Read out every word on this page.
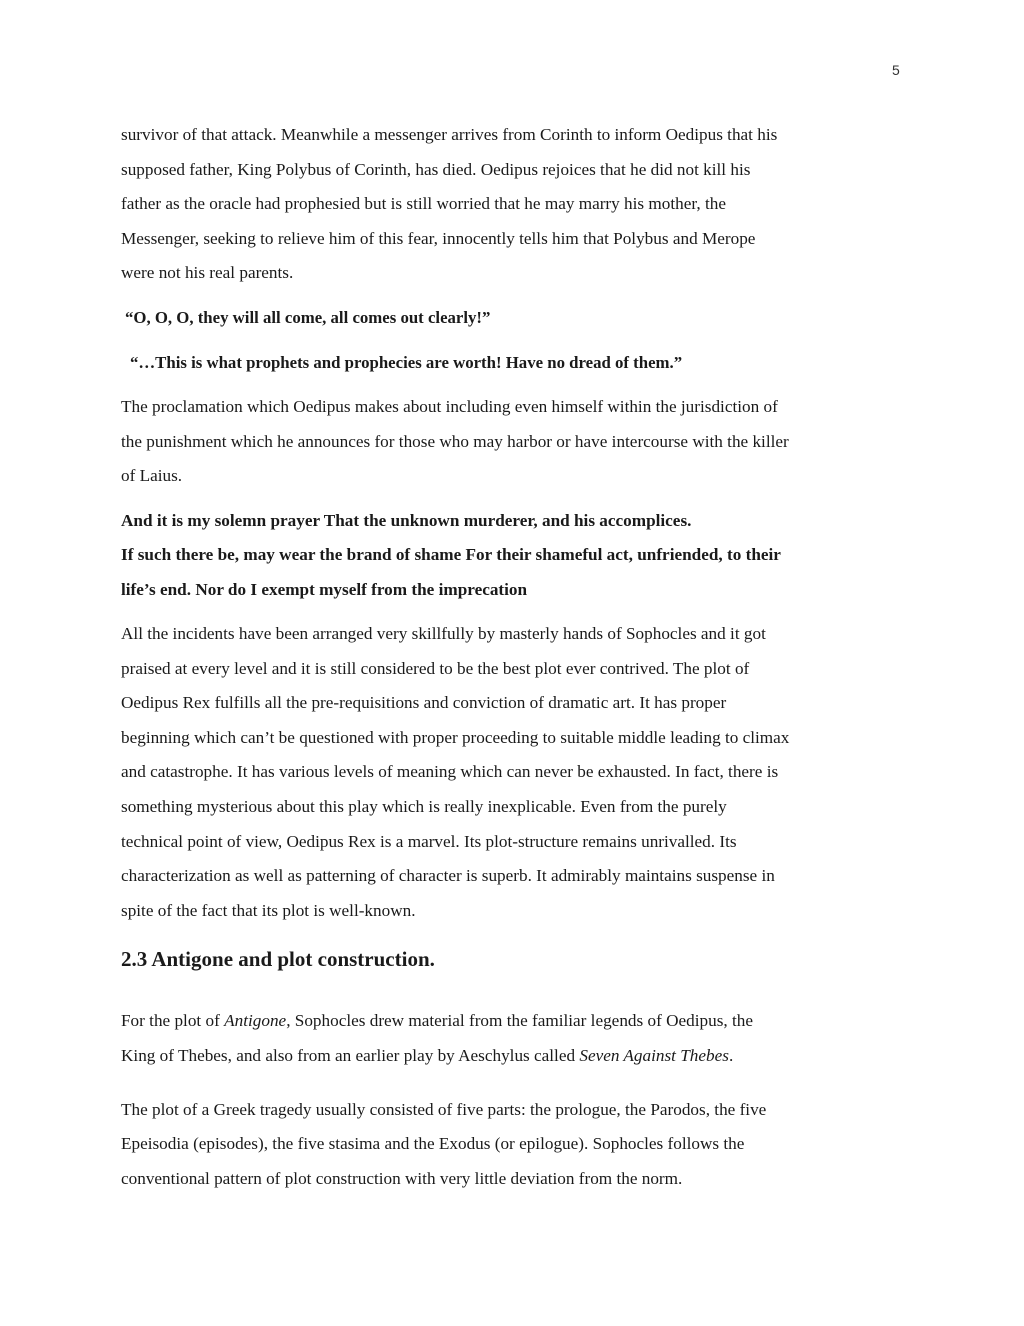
5

survivor of that attack. Meanwhile a messenger arrives from Corinth to inform Oedipus that his
supposed father, King Polybus of Corinth, has died. Oedipus rejoices that he did not kill his
father as the oracle had prophesied but is still worried that he may marry his mother, the
Messenger, seeking to relieve him of this fear, innocently tells him that Polybus and Merope
were not his real parents.

“O, O, O, they will all come, all comes out clearly!”

“…This is what prophets and prophecies are worth! Have no dread of them.”

The proclamation which Oedipus makes about including even himself within the jurisdiction of
the punishment which he announces for those who may harbor or have intercourse with the killer
of Laius.

And it is my solemn prayer That the unknown murderer, and his accomplices.
If such there be, may wear the brand of shame For their shameful act, unfriended, to their
life’s end. Nor do I exempt myself from the imprecation

All the incidents have been arranged very skillfully by masterly hands of Sophocles and it got
praised at every level and it is still considered to be the best plot ever contrived. The plot of
Oedipus Rex fulfills all the pre-requisitions and conviction of dramatic art. It has proper
beginning which can’t be questioned with proper proceeding to suitable middle leading to climax
and catastrophe. It has various levels of meaning which can never be exhausted. In fact, there is
something mysterious about this play which is really inexplicable. Even from the purely
technical point of view, Oedipus Rex is a marvel. Its plot-structure remains unrivalled. Its
characterization as well as patterning of character is superb. It admirably maintains suspense in
spite of the fact that its plot is well-known.

2.3 Antigone and plot construction.

For the plot of Antigone, Sophocles drew material from the familiar legends of Oedipus, the
King of Thebes, and also from an earlier play by Aeschylus called Seven Against Thebes.

The plot of a Greek tragedy usually consisted of five parts: the prologue, the Parodos, the five
Epeisodia (episodes), the five stasima and the Exodus (or epilogue). Sophocles follows the
conventional pattern of plot construction with very little deviation from the norm.
